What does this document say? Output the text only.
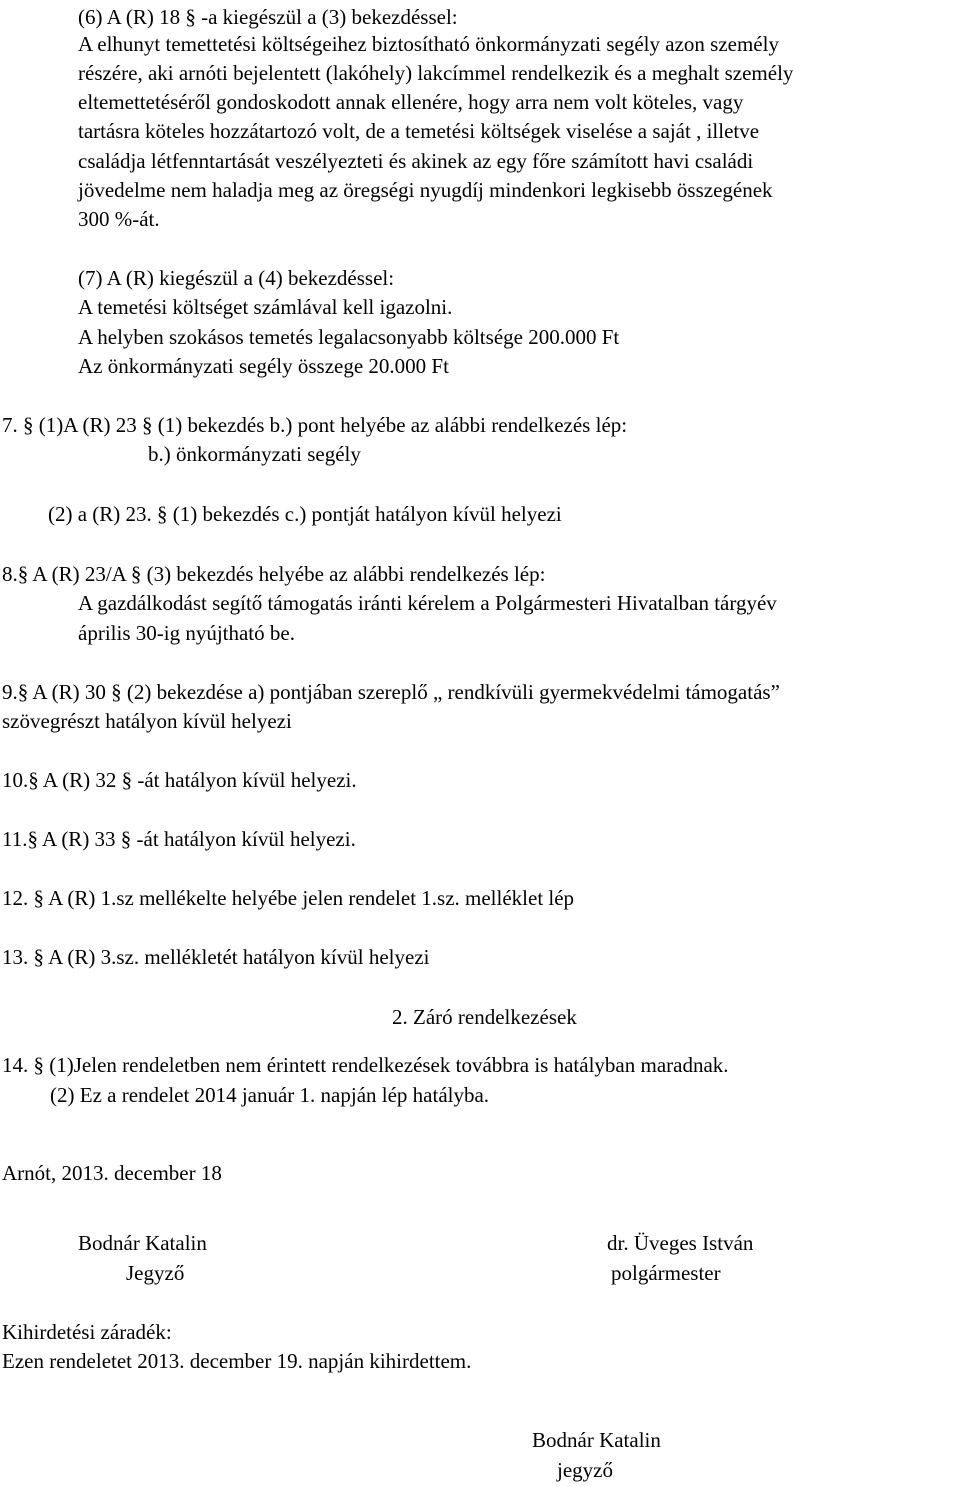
(6) A (R) 18 § -a kiegészül a (3) bekezdéssel:
A elhunyt temettetési költségeihez biztosítható önkormányzati segély azon személy
részére, aki arnóti bejelentett (lakóhely) lakcímmel rendelkezik és a meghalt személy
eltemettetéséről gondoskodott annak ellenére, hogy arra nem volt köteles, vagy
tartásra köteles hozzátartozó volt, de a temetési költségek viselése a saját , illetve
családja létfenntartását veszélyezteti és akinek az egy főre számított havi családi
jövedelme nem haladja meg az öregségi nyugdíj mindenkori legkisebb összegének
300 %-át.
(7) A (R) kiegészül a (4) bekezdéssel:
A temetési költséget számlával kell igazolni.
A helyben szokásos temetés legalacsonyabb költsége 200.000 Ft
Az önkormányzati segély összege 20.000 Ft
7. § (1)A (R) 23 § (1) bekezdés b.) pont helyébe az alábbi rendelkezés lép:
b.) önkormányzati segély
(2) a (R) 23. § (1) bekezdés c.) pontját hatályon kívül helyezi
8.§ A (R) 23/A § (3) bekezdés helyébe az alábbi rendelkezés lép:
A gazdálkodást segítő támogatás iránti kérelem a Polgármesteri Hivatalban tárgyév
április 30-ig nyújtható be.
9.§ A (R) 30 § (2) bekezdése a) pontjában szereplő „ rendkívüli gyermekvédelmi támogatás”
szövegrészt hatályon kívül helyezi
10.§ A (R) 32 § -át hatályon kívül helyezi.
11.§ A (R) 33 § -át hatályon kívül helyezi.
12. § A (R) 1.sz mellékelte helyébe jelen rendelet 1.sz. melléklet lép
13. § A (R) 3.sz. mellékletét hatályon kívül helyezi
2. Záró rendelkezések
14. § (1)Jelen rendeletben nem érintett rendelkezések továbbra is hatályban maradnak.
(2) Ez a rendelet 2014 január 1. napján lép hatályba.
Arnót, 2013. december 18
Bodnár Katalin
Jegyző
dr. Üveges István
polgármester
Kihirdetési záradék:
Ezen rendeletet 2013. december 19. napján kihirdettem.
Bodnár Katalin
jegyző
